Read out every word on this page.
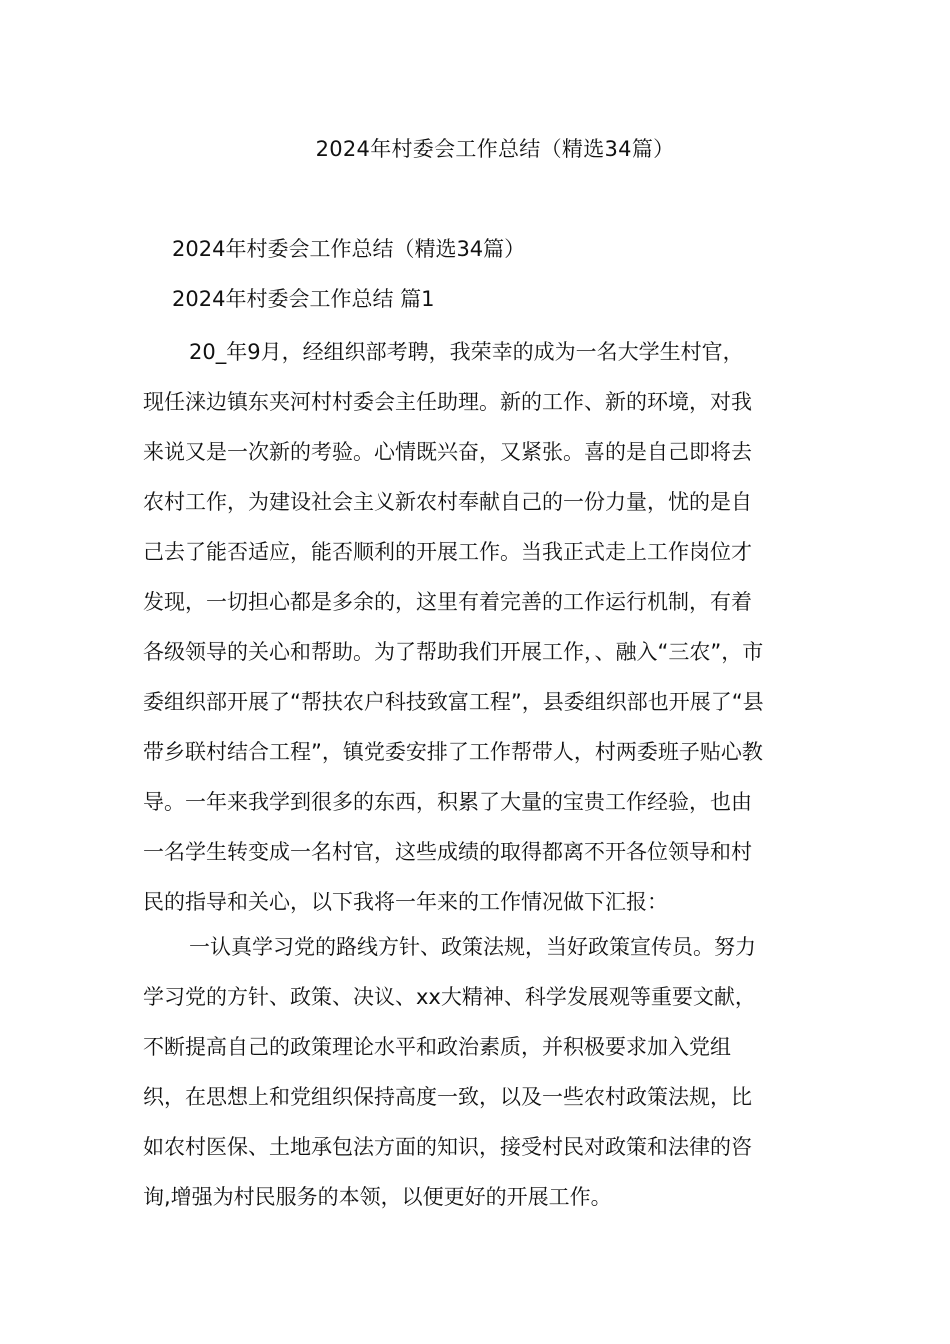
2024年村委会工作总结（精选34篇）
2024年村委会工作总结（精选34篇）
2024年村委会工作总结 篇1
20_年9月，经组织部考聘，我荣幸的成为一名大学生村官，
现任涞边镇东夹河村村委会主任助理。新的工作、新的环境，对我
来说又是一次新的考验。心情既兴奋，又紧张。喜的是自己即将去
农村工作，为建设社会主义新农村奉献自己的一份力量，忧的是自
己去了能否适应，能否顺利的开展工作。当我正式走上工作岗位才
发现，一切担心都是多余的，这里有着完善的工作运行机制，有着
各级领导的关心和帮助。为了帮助我们开展工作，、融入“三农”，市
委组织部开展了“帮扶农户科技致富工程”，县委组织部也开展了“县
带乡联村结合工程”，镇党委安排了工作帮带人，村两委班子贴心教
导。一年来我学到很多的东西，积累了大量的宝贵工作经验，也由
一名学生转变成一名村官，这些成绩的取得都离不开各位领导和村
民的指导和关心，以下我将一年来的工作情况做下汇报：
一认真学习党的路线方针、政策法规，当好政策宣传员。努力
学习党的方针、政策、决议、xx大精神、科学发展观等重要文献，
不断提高自己的政策理论水平和政治素质，并积极要求加入党组
织，在思想上和党组织保持高度一致，以及一些农村政策法规，比
如农村医保、土地承包法方面的知识，接受村民对政策和法律的咨
询,增强为村民服务的本领，以便更好的开展工作。
